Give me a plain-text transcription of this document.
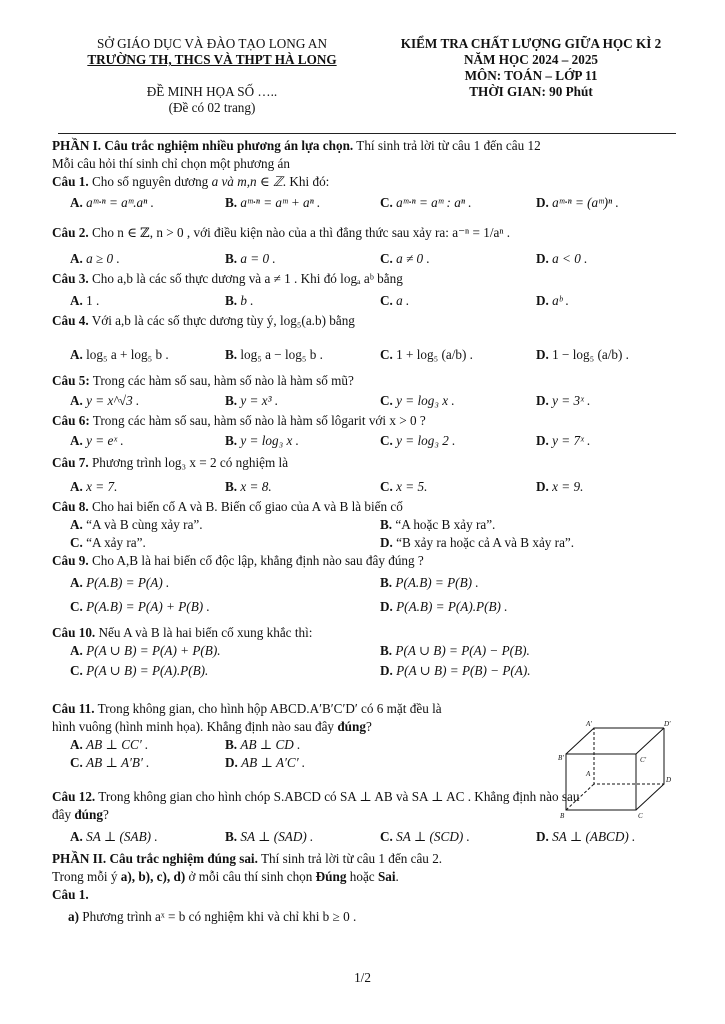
SỞ GIÁO DỤC VÀ ĐÀO TẠO LONG AN
TRƯỜNG TH, THCS VÀ THPT HÀ LONG
ĐỀ MINH HỌA SỐ …..
(Đề có 02 trang)
KIỂM TRA CHẤT LƯỢNG GIỮA HỌC KÌ 2
NĂM HỌC 2024 – 2025
MÔN: TOÁN – LỚP 11
THỜI GIAN: 90 Phút
PHẦN I. Câu trắc nghiệm nhiều phương án lựa chọn. Thí sinh trả lời từ câu 1 đến câu 12
Mỗi câu hỏi thí sinh chỉ chọn một phương án
Câu 1. Cho số nguyên dương a và m,n ∈ ℤ. Khi đó:
A. aᵐ·ⁿ = aᵐ.aⁿ .	B. aᵐ·ⁿ = aᵐ + aⁿ .	C. aᵐ·ⁿ = aᵐ : aⁿ .	D. aᵐ·ⁿ = (aᵐ)ⁿ .
Câu 2. Cho n ∈ ℤ, n > 0 , với điều kiện nào của a thì đẳng thức sau xảy ra: a⁻ⁿ = 1/aⁿ .
A. a ≥ 0 .	B. a = 0 .	C. a ≠ 0 .	D. a < 0 .
Câu 3. Cho a,b là các số thực dương và a ≠ 1 . Khi đó logₐ aᵇ bằng
A. 1 .	B. b .	C. a .	D. aᵇ .
Câu 4. Với a,b là các số thực dương tùy ý, log₅(a.b) bằng
A. log₅ a + log₅ b .	B. log₅ a − log₅ b .	C. 1 + log₅ (a/b) .	D. 1 − log₅ (a/b) .
Câu 5: Trong các hàm số sau, hàm số nào là hàm số mũ?
A. y = x^√3 .	B. y = x³ .	C. y = log₃ x .	D. y = 3ˣ .
Câu 6: Trong các hàm số sau, hàm số nào là hàm số lôgarit với x > 0 ?
A. y = eˣ .	B. y = log₃ x .	C. y = log₃ 2 .	D. y = 7ˣ .
Câu 7. Phương trình log₃ x = 2 có nghiệm là
A. x = 7.	B. x = 8.	C. x = 5.	D. x = 9.
Câu 8. Cho hai biến cố A và B. Biến cố giao của A và B là biến cố
A. “A và B cùng xảy ra”.	B. “A hoặc B xảy ra”.
C. “A xảy ra”.	D. “B xảy ra hoặc cả A và B xảy ra”.
Câu 9. Cho A,B là hai biến cố độc lập, khẳng định nào sau đây đúng ?
A. P(A.B) = P(A) .	B. P(A.B) = P(B) .
C. P(A.B) = P(A) + P(B) .	D. P(A.B) = P(A).P(B) .
Câu 10. Nếu A và B là hai biến cố xung khắc thì:
A. P(A ∪ B) = P(A) + P(B).	B. P(A ∪ B) = P(A) − P(B).
C. P(A ∪ B) = P(A).P(B).	D. P(A ∪ B) = P(B) − P(A).
Câu 11. Trong không gian, cho hình hộp ABCD.A′B′C′D′ có 6 mặt đều là
hình vuông (hình minh họa). Khẳng định nào sau đây đúng?
A. AB ⊥ CC′ .	B. AB ⊥ CD .
C. AB ⊥ A′B′ .	D. AB ⊥ A′C′ .
Câu 12. Trong không gian cho hình chóp S.ABCD có SA ⊥ AB và SA ⊥ AC . Khẳng định nào sau
đây đúng?
A. SA ⊥ (SAB) .	B. SA ⊥ (SAD) .	C. SA ⊥ (SCD) .	D. SA ⊥ (ABCD) .
PHẦN II. Câu trắc nghiệm đúng sai. Thí sinh trả lời từ câu 1 đến câu 2.
Trong mỗi ý a), b), c), d) ở mỗi câu thí sinh chọn Đúng hoặc Sai.
Câu 1.
a) Phương trình aˣ = b có nghiệm khi và chỉ khi b ≥ 0 .
A′	D′
B′	C′
A
D
B	C
1/2
